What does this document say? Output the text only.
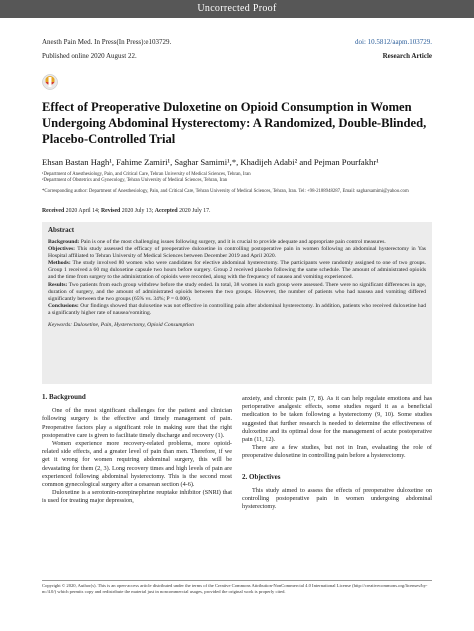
Uncorrected Proof
Anesth Pain Med. In Press(In Press):e103729.	doi: 10.5812/aapm.103729.
Published online 2020 August 22.	Research Article
Effect of Preoperative Duloxetine on Opioid Consumption in Women Undergoing Abdominal Hysterectomy: A Randomized, Double-Blinded, Placebo-Controlled Trial
Ehsan Bastan Hagh¹, Fahime Zamiri¹, Saghar Samimi¹,*, Khadijeh Adabi² and Pejman Pourfakhr¹
¹Department of Anesthesiology, Pain, and Critical Care, Tehran University of Medical Sciences, Tehran, Iran
²Department of Obstetrics and Gynecology, Tehran University of Medical Sciences, Tehran, Iran
*Corresponding author: Department of Anesthesiology, Pain, and Critical Care, Tehran University of Medical Sciences, Tehran, Iran. Tel: +98-2188948287, Email: sagharsamimi@yahoo.com
Received 2020 April 14; Revised 2020 July 13; Accepted 2020 July 17.
Abstract

Background: Pain is one of the most challenging issues following surgery, and it is crucial to provide adequate and appropriate pain control measures.

Objectives: This study assessed the efficacy of preoperative duloxetine in controlling postoperative pain in women following an abdominal hysterectomy in Yas Hospital affiliated to Tehran University of Medical Sciences between December 2019 and April 2020.

Methods: The study involved 80 women who were candidates for elective abdominal hysterectomy. The participants were randomly assigned to one of two groups. Group 1 received a 60 mg duloxetine capsule two hours before surgery. Group 2 received placebo following the same schedule. The amount of administrated opioids and the time from surgery to the administration of opioids were recorded, along with the frequency of nausea and vomiting experienced.

Results: Two patients from each group withdrew before the study ended. In total, 38 women in each group were assessed. There were no significant differences in age, duration of surgery, and the amount of administrated opioids between the two groups. However, the number of patients who had nausea and vomiting differed significantly between the two groups (65% vs. 34%; P = 0.006).

Conclusions: Our findings showed that duloxetine was not effective in controlling pain after abdominal hysterectomy. In addition, patients who received duloxetine had a significantly higher rate of nausea/vomiting.

Keywords: Duloxetine, Pain, Hysterectomy, Opioid Consumption

1. Background

One of the most significant challenges for the patient and clinician following surgery is the effective and timely management of pain. Preoperative factors play a significant role in making sure that the right postoperative care is given to facilitate timely discharge and recovery (1).

Women experience more recovery-related problems, more opioid-related side effects, and a greater level of pain than men. Therefore, if we get it wrong for women requiring abdominal surgery, this will be devastating for them (2, 3). Long recovery times and high levels of pain are experienced following abdominal hysterectomy. This is the second most common gynecological surgery after a cesarean section (4-6).

Duloxetine is a serotonin-norepinephrine reuptake inhibitor (SNRI) that is used for treating major depression,

anxiety, and chronic pain (7, 8). As it can help regulate emotions and has perioperative analgesic effects, some studies regard it as a beneficial medication to be taken following a hysterectomy (9, 10). Some studies suggested that further research is needed to determine the effectiveness of duloxetine and its optimal dose for the management of acute postoperative pain (11, 12).

There are a few studies, but not in Iran, evaluating the role of preoperative duloxetine in controlling pain before a hysterectomy.

2. Objectives

This study aimed to assess the effects of preoperative duloxetine on controlling postoperative pain in women undergoing abdominal hysterectomy.

Copyright © 2020, Author(s). This is an open-access article distributed under the terms of the Creative Commons Attribution-NonCommercial 4.0 International License (http://creativecommons.org/licenses/by-nc/4.0/) which permits copy and redistribute the material just in noncommercial usages, provided the original work is properly cited.
